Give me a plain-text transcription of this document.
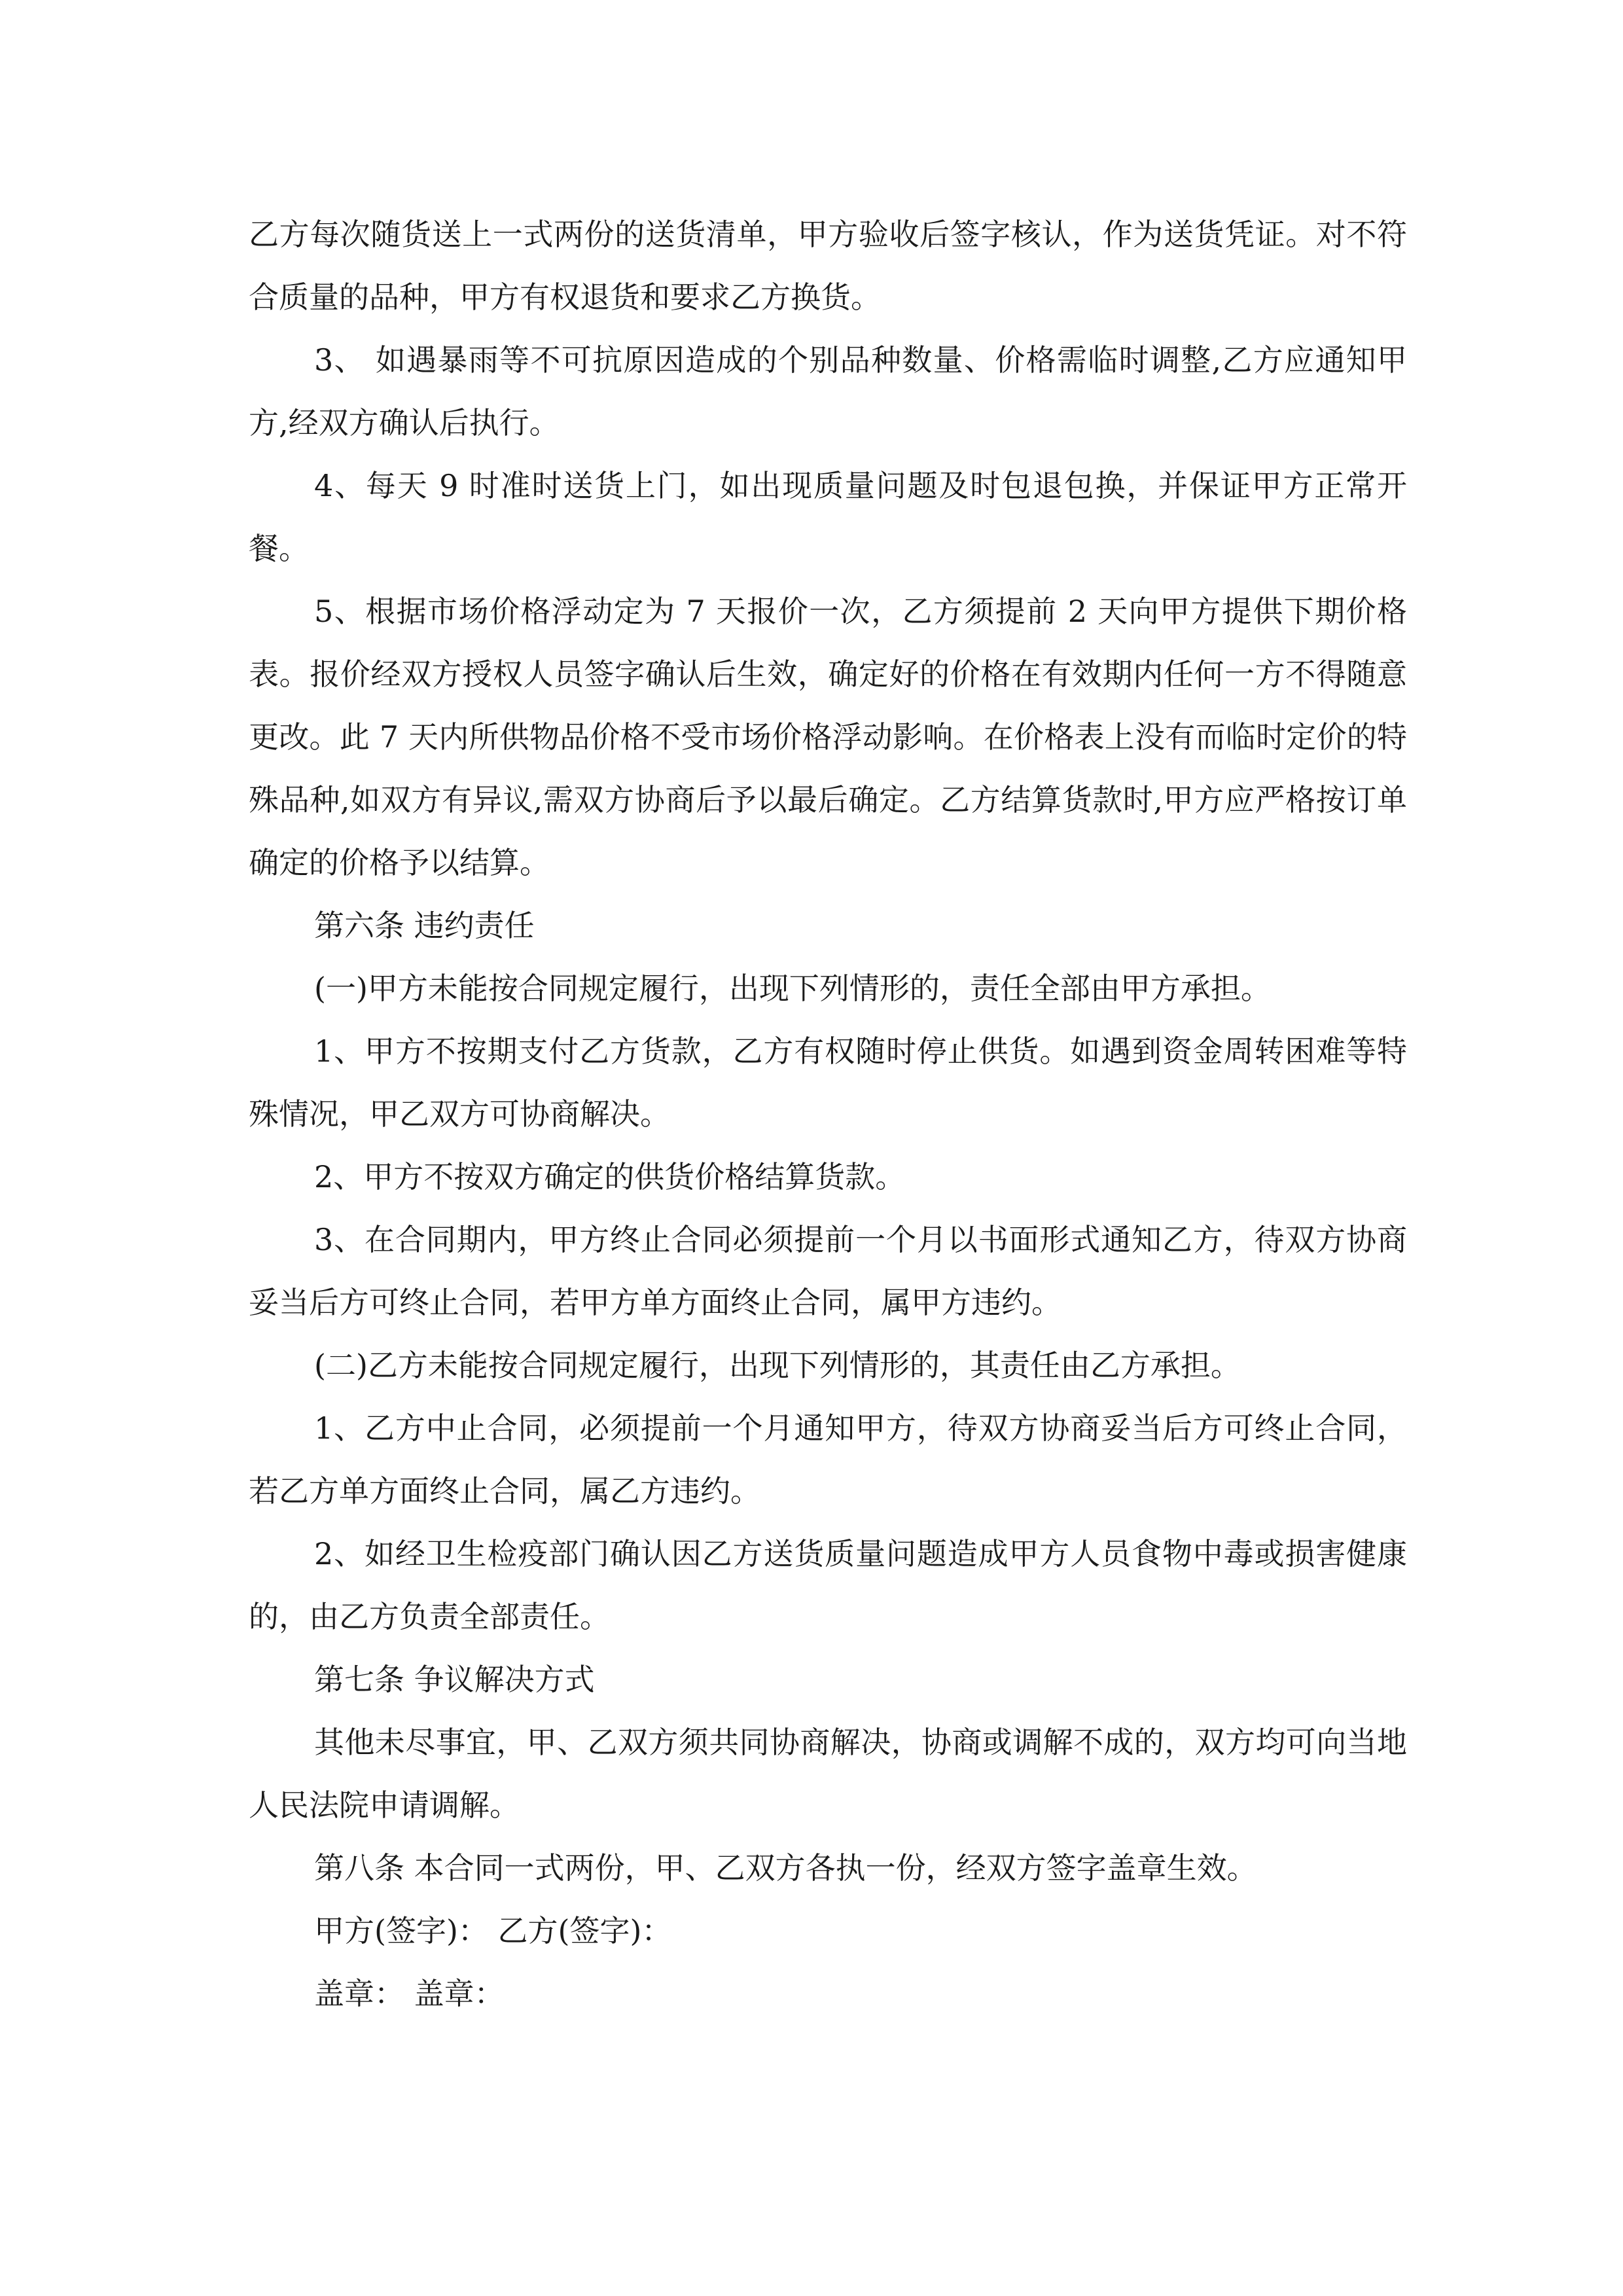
乙方每次随货送上一式两份的送货清单，甲方验收后签字核认，作为送货凭证。对不符合质量的品种，甲方有权退货和要求乙方换货。

3、 如遇暴雨等不可抗原因造成的个别品种数量、价格需临时调整,乙方应通知甲方,经双方确认后执行。

4、每天 9 时准时送货上门，如出现质量问题及时包退包换，并保证甲方正常开餐。

5、根据市场价格浮动定为 7 天报价一次，乙方须提前 2 天向甲方提供下期价格表。报价经双方授权人员签字确认后生效，确定好的价格在有效期内任何一方不得随意更改。此 7 天内所供物品价格不受市场价格浮动影响。在价格表上没有而临时定价的特殊品种,如双方有异议,需双方协商后予以最后确定。乙方结算货款时,甲方应严格按订单确定的价格予以结算。

第六条 违约责任

(一)甲方未能按合同规定履行，出现下列情形的，责任全部由甲方承担。

1、甲方不按期支付乙方货款，乙方有权随时停止供货。如遇到资金周转困难等特殊情况，甲乙双方可协商解决。

2、甲方不按双方确定的供货价格结算货款。

3、在合同期内，甲方终止合同必须提前一个月以书面形式通知乙方，待双方协商妥当后方可终止合同，若甲方单方面终止合同，属甲方违约。

(二)乙方未能按合同规定履行，出现下列情形的，其责任由乙方承担。

1、乙方中止合同，必须提前一个月通知甲方，待双方协商妥当后方可终止合同，若乙方单方面终止合同，属乙方违约。

2、如经卫生检疫部门确认因乙方送货质量问题造成甲方人员食物中毒或损害健康的，由乙方负责全部责任。

第七条 争议解决方式

其他未尽事宜，甲、乙双方须共同协商解决，协商或调解不成的，双方均可向当地人民法院申请调解。

第八条 本合同一式两份，甲、乙双方各执一份，经双方签字盖章生效。

甲方(签字)： 乙方(签字)：

盖章： 盖章：
